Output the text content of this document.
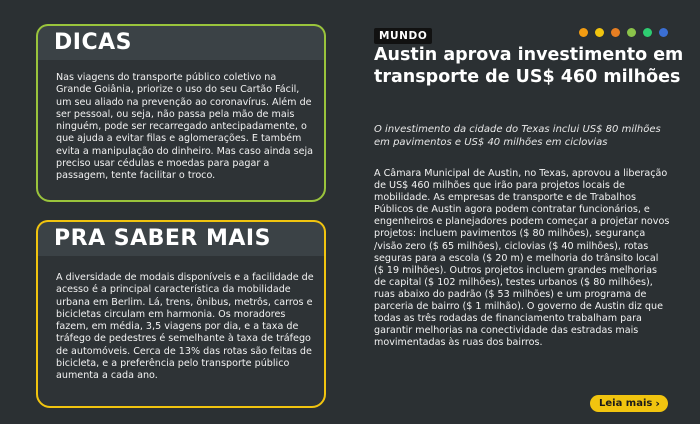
DICAS
Nas viagens do transporte público coletivo na Grande Goiânia, priorize o uso do seu Cartão Fácil, um seu aliado na prevenção ao coronavírus. Além de ser pessoal, ou seja, não passa pela mão de mais ninguém, pode ser recarregado antecipadamente, o que ajuda a evitar filas e aglomerações. E também evita a manipulação do dinheiro. Mas caso ainda seja preciso usar cédulas e moedas para pagar a passagem, tente facilitar o troco.
PRA SABER MAIS
A diversidade de modais disponíveis e a facilidade de acesso é a principal característica da mobilidade urbana em Berlim. Lá, trens, ônibus, metrôs, carros e bicicletas circulam em harmonia. Os moradores fazem, em média, 3,5 viagens por dia, e a taxa de tráfego de pedestres é semelhante à taxa de tráfego de automóveis. Cerca de 13% das rotas são feitas de bicicleta, e a preferência pelo transporte público aumenta a cada ano.
MUNDO
Austin aprova investimento em transporte de US$ 460 milhões
O investimento da cidade do Texas inclui US$ 80 milhões em pavimentos e US$ 40 milhões em ciclovias
A Câmara Municipal de Austin, no Texas, aprovou a liberação de US$ 460 milhões que irão para projetos locais de mobilidade. As empresas de transporte e de Trabalhos Públicos de Austin agora podem contratar funcionários, e engenheiros e planejadores podem começar a projetar novos projetos: incluem pavimentos ($ 80 milhões), segurança /visão zero ($ 65 milhões), ciclovias ($ 40 milhões), rotas seguras para a escola ($ 20 m) e melhoria do trânsito local ($ 19 milhões). Outros projetos incluem grandes melhorias de capital ($ 102 milhões), testes urbanos ($ 80 milhões), ruas abaixo do padrão ($ 53 milhões) e um programa de parceria de bairro ($ 1 milhão). O governo de Austin diz que todas as três rodadas de financiamento trabalham para garantir melhorias na conectividade das estradas mais movimentadas às ruas dos bairros.
Leia mais ›
